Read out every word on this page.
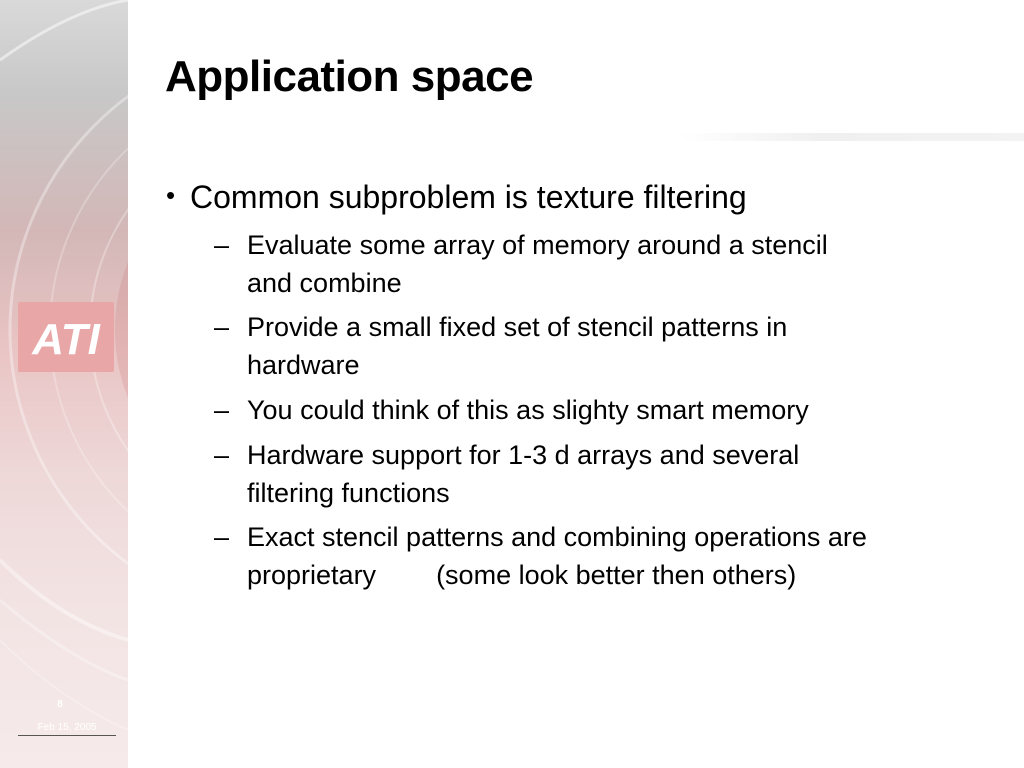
ATI
8
Feb 15, 2005
Application space
• Common subproblem is texture filtering
– Evaluate some array of memory around a stencil
and combine
– Provide a small fixed set of stencil patterns in
hardware
– You could think of this as slighty smart memory
– Hardware support for 1-3 d arrays and several
filtering functions
– Exact stencil patterns and combining operations are
proprietary        (some look better then others)
